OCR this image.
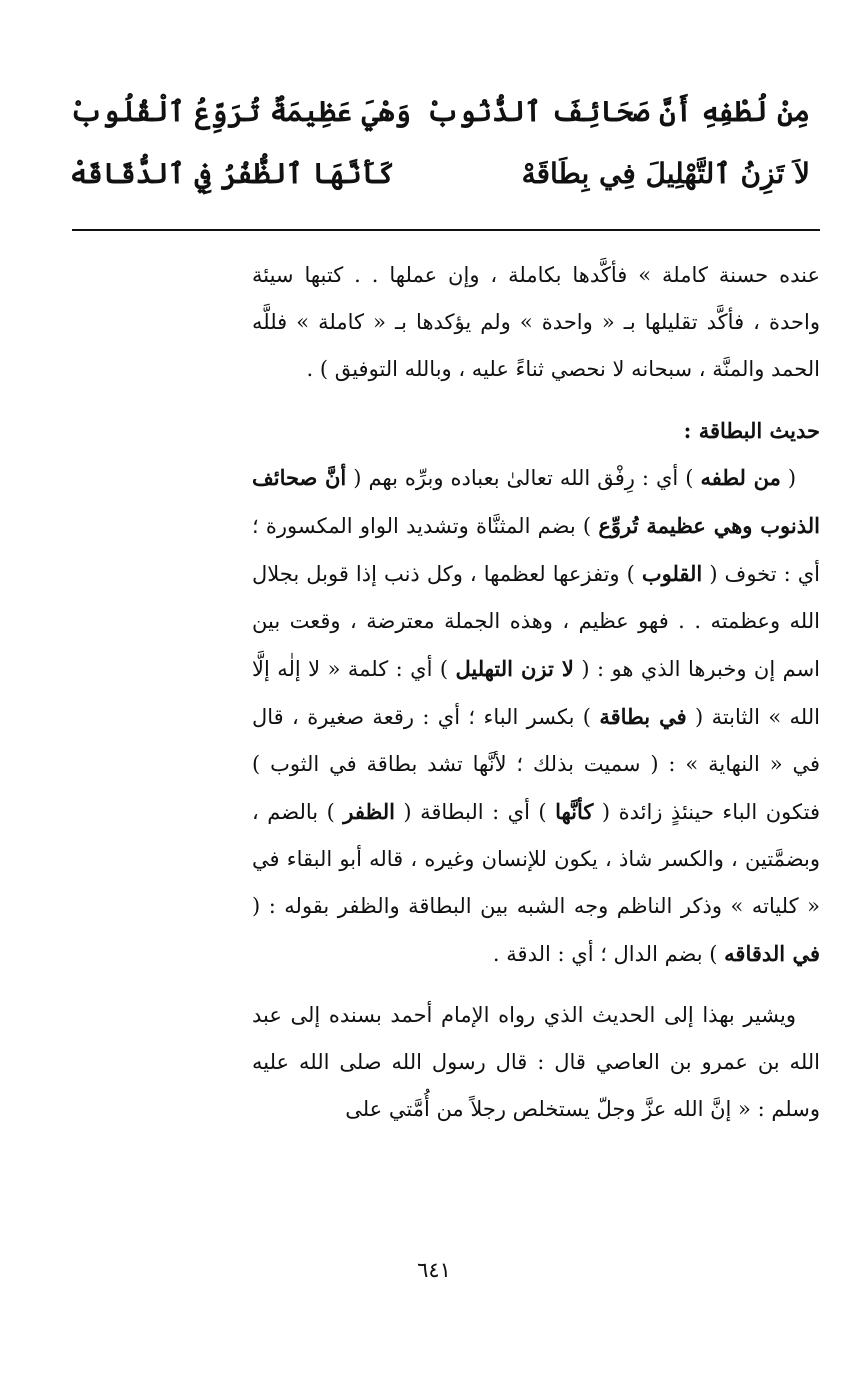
مِنْ لُطْفِهِ أَنَّ صَحَائِفَ ٱلذُّنُوبْ
وَهْيَ عَظِيمَةٌ تُرَوِّعُ ٱلْقُلُوبْ
لاَ تَزِنُ ٱلتَّهْلِيلَ فِي بِطَاقَهْ
كَأَنَّهَا ٱلظُّفُرُ فِي ٱلدُّقَاقَهْ

عنده حسنة كاملة » فأكَّدها بكاملة ، وإن عملها . . كتبها سيئة واحدة ، فأكَّد تقليلها بـ « واحدة » ولم يؤكدها بـ « كاملة » فللَّه الحمد والمنَّة ، سبحانه لا نحصي ثناءً عليه ، وبالله التوفيق ) .

حديث البطاقة :

( من لطفه ) أي : رِفْق الله تعالىٰ بعباده وبرِّه بهم ( أنَّ صحائف الذنوب وهي عظيمة تُروِّع ) بضم المثنَّاة وتشديد الواو المكسورة ؛ أي : تخوف ( القلوب ) وتفزعها لعظمها ، وكل ذنب إذا قوبل بجلال الله وعظمته . . فهو عظيم ، وهذه الجملة معترضة ، وقعت بين اسم إن وخبرها الذي هو : ( لا تزن التهليل ) أي : كلمة « لا إلٰه إلَّا الله » الثابتة ( في بطاقة ) بكسر الباء ؛ أي : رقعة صغيرة ، قال في « النهاية » : ( سميت بذلك ؛ لأنَّها تشد بطاقة في الثوب ) فتكون الباء حينئذٍ زائدة ( كأنَّها ) أي : البطاقة ( الظفر ) بالضم ، وبضمَّتين ، والكسر شاذ ، يكون للإنسان وغيره ، قاله أبو البقاء في « كلياته » وذكر الناظم وجه الشبه بين البطاقة والظفر بقوله : ( في الدقاقه ) بضم الدال ؛ أي : الدقة .

ويشير بهذا إلى الحديث الذي رواه الإمام أحمد بسنده إلى عبد الله بن عمرو بن العاصي قال : قال رسول الله صلى الله عليه وسلم : « إنَّ الله عزَّ وجلّ يستخلص رجلاً من أُمَّتي على

٦٤١
